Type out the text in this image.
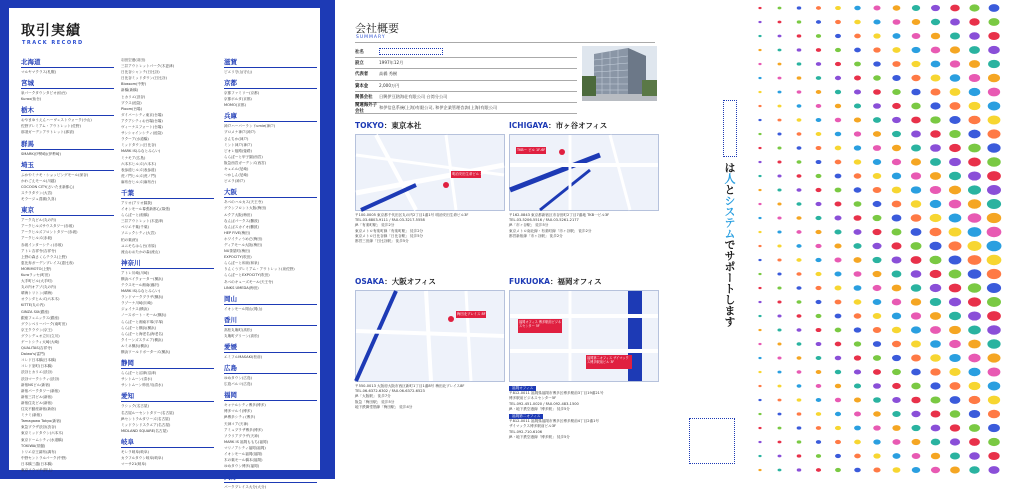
取引実績
TRACK RECORD
北海道
マルヤマクラス(札幌)
宮城
泉パークタウンタピオ(仙台)
Kurax(仙台)
栃木
おやまゆうえんハーヴェストウォーク(小山)
佐野プレミアム・アウトレット(佐野)
那須ガーデンアウトレット(那須)
群馬
SMARK(伊勢崎)(伊勢崎)
埼玉
ふかやミナモ・ショッピングモール(深谷)
かわごえモール(川越)
COCOON CITY(さいたま新都心)
ステラタウン(大宮)
モラージュ菖蒲(久喜)
東京
アーク丸ビル(丸の内)
アークヒルズサウスタワー(赤坂)
アークヒルズフロントタワー(赤坂)
アークヒルズ(赤坂)
赤坂インターシティ(赤坂)
アトレ吉祥寺(吉祥寺)
上野の森さくらテラス(上野)
恵比寿ガーデンプレイス(恵比寿)
MORIMOTO(上野)
Kuraラッセ(町田)
大手町ビル(大手町)
丸の内オアゾ(丸の内)
晴海トリトン(晴海)
オランダヒルズ(六本木)
KITTE(丸の内)
GINZA SIX(銀座)
銀座フェニックス(銀座)
グランベリーパーク(南町田)
京王クラウン(京王)
グランデュオ立川(立川)
ゲートシティ大崎(大崎)
QUALITAS(吉祥寺)
Daiwa's(雷門)
コレド日本橋(日本橋)
コレド室町(日本橋)
渋谷ヒカリエ(渋谷)
渋谷マークシティ(渋谷)
新宿NSビル(新宿)
新宿パークタワー(新宿)
新宿三井ビル(新宿)
新宿住友ビル(新宿)
住友不動産新宿(新宿)
ミナミ(新宿)
Tamagawa Tokyo(新宿)
東急プラザ渋谷(渋谷)
東京ミッドタウン(六本木)
東京ドームシティ(水道橋)
TOKIWA(常盤)
トリエ京王調布(調布)
中野セントラルパーク(中野)
日本橋三越(日本橋)
東京ソラマチ(押上)
羽田空港(羽田)
三井アウトレットパーク(木更津)
日比谷シャンテ(日比谷)
日比谷ミッドタウン(日比谷)
Blossom(中野)
新橋(新橋)
ヒカリエ(渋谷)
プラス(池袋)
Ploom(台場)
ダイバーシティ東京(台場)
アクアシティお台場(台場)
ヴィーナスフォート(台場)
サンシャインシティ(池袋)
ラクーア(水道橋)
ミッドタウン(日比谷)
MARK IS(みなとみらい)
ミナモア(広島)
六本木ヒルズ(六本木)
表参道ヒルズ(表参道)
虎ノ門ヒルズ(虎ノ門)
麻布台ヒルズ(麻布台)
千葉
アリオ(アリオ蘇我)
イオンモール幕張新都心(幕張)
ららぽーと(船橋)
三井アウトレット(木更津)
ペリエ千葉(千葉)
ソニックシティ(大宮)
柏の葉(柏)
ユニモちはら台(市原)
流山おおたかの森(流山)
神奈川
アトレ川崎(川崎)
横浜ベイクォーター(横浜)
テラスモール湘南(藤沢)
MARK IS(みなとみらい)
ランドマークプラザ(横浜)
ラゾーナ川崎(川崎)
ジョイナス(横浜)
ノースポート・モール(横浜)
ららぽーと湘南平塚(平塚)
ららぽーと横浜(横浜)
ららぽーと海老名(海老名)
クイーンズスクエア(横浜)
ルミネ横浜(横浜)
横浜ワールドポーターズ(横浜)
静岡
ららぽーと沼津(沼津)
サントムーン(清水)
サントムーン柿田川(清水)
愛知
ラシック(名古屋)
名古屋ルーセントタワー(名古屋)
JRセントラルタワーズ(名古屋)
ミッドランドスクエア(名古屋)
MIDLAND SQUARE(名古屋)
岐阜
モレラ岐阜(岐阜)
カラフルタウン岐阜(岐阜)
マーサ21(岐阜)
滋賀
ピエリ守山(守山)
京都
京都ファミリー(京都)
京都ポルタ(京都)
MOMO(京都)
兵庫
神戸ハーバーランドumie(神戸)
プロメナ神戸(神戸)
さんちか(神戸)
ミント神戸(神戸)
ピオレ姫路(姫路)
ららぽーと甲子園(西宮)
阪急西宮ガーデンズ(西宮)
キュエル(尼崎)
つかしん(尼崎)
ビエラ(神戸)
大阪
あべのハルカス(天王寺)
グランフロント大阪(梅田)
ルクア大阪(梅田)
なんばパークス(難波)
なんばスカイオ(難波)
HEP FIVE(梅田)
ホワイティうめだ(梅田)
ディアモール大阪(梅田)
NU茶屋町(梅田)
EXPOCITY(吹田)
ららぽーと和泉(和泉)
りんくうプレミアム・アウトレット(泉佐野)
ららぽーとEXPOCITY(吹田)
あべのキューズモール(天王寺)
LINKS UMEDA(梅田)
岡山
イオンモール岡山(岡山)
香川
高松丸亀町(高松)
丸亀町グリーン(高松)
愛媛
エミフルMASAKI(松前)
広島
ゆめタウン(広島)
広島パルコ(広島)
福岡
キャナルシティ博多(博多)
博多マルイ(博多)
JR博多シティ(博多)
天神コア(天神)
アミュプラザ博多(博多)
ソラリアプラザ(天神)
MARK IS 福岡ももち(福岡)
マリノアシティ福岡(福岡)
イオンモール福岡(福岡)
木の葉モール橋本(福岡)
ゆめタウン博多(福岡)
大分
パークプレイス大分(大分)
会社概要
SUMMARY
社名
設立	1997年12月
代表者	高橋 秀樹
資本金	2,000万円
関係会社	日興伊豆熱海荘有限公司 台湾分公司
関連海外子会社
和伊信息系統(上海)有限公司, 和伊企業管理咨詢(上海)有限公司
TOKYO：東京本社
明治安田生命ビル 3F
〒100-0005 東京都千代田区丸の内2丁目1番1号 明治安田生命ビル3F
TEL.03-6803-9111 / FAX.03-3217-5558
JR「有楽町駅」 徒歩2分
東京メトロ有楽町線「有楽町駅」 徒歩2分
東京メトロ日比谷線「日比谷駅」 徒歩5分
都営三田線「日比谷駅」 徒歩5分
ICHIGAYA：市ヶ谷オフィス
TKBー ビル 1F-6F
〒162-0843 東京都新宿区市谷田町2丁目7番地 TKB一ビル3F
TEL.03-5206-5516 / FAX.03-5261-2177
JR「市ヶ谷駅」 徒歩5分
東京メトロ南北線・有楽町線「市ヶ谷駅」 徒歩2分
都営新宿線「市ヶ谷駅」 徒歩2分
OSAKA：大阪オフィス
梅田北プレイス 8F
〒550-0013 大阪府大阪市西区新町1丁目1番8号 梅田北プレイス8F
TEL.06-6372-6302 / FAX.06-6372-6523
JR「大阪駅」 徒歩7分
阪急「梅田駅」 徒歩5分
地下鉄御堂筋線「梅田駅」 徒歩4分
FUKUOKA：福岡オフィス
福岡オフィス 博多駅前ビジネスセンター 5F
福岡第二オフィス ザイマックス博多駅前ビル 3F
福岡オフィス
〒812-0011 福岡県福岡市博多区博多駅前3丁目19番21号
博多駅前ビジネスセンター5F
TEL.092-451-0020 / FAX.092-483-1500
JR・地下鉄空港線「博多駅」 徒歩5分
福岡第二オフィス
〒812-0011 福岡県福岡市博多区博多駅前4丁目2番1号
ザイマックス博多駅前ビル3F
TEL.092-710-6106
JR・地下鉄空港線「博多駅」 徒歩5分
は人とシステムでサポートします
